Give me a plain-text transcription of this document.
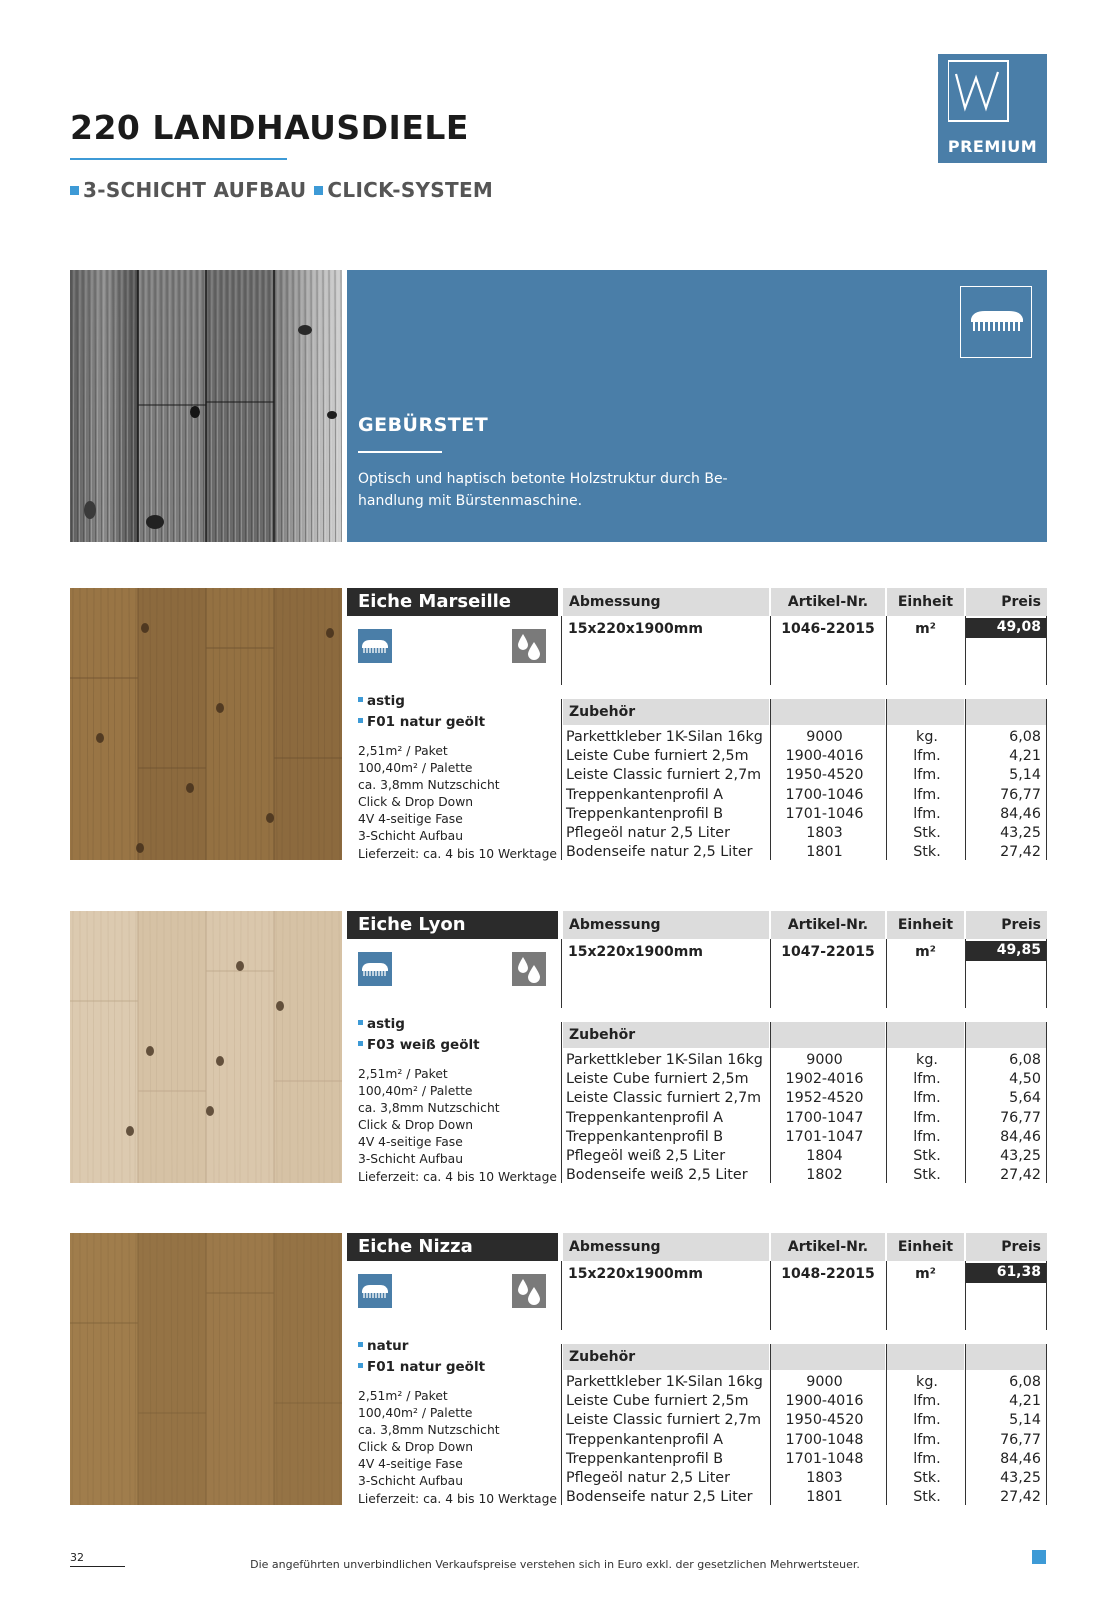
220 LANDHAUSDIELE
3-SCHICHT AUFBAU CLICK-SYSTEM
PREMIUM
GEBÜRSTET
Optisch und haptisch betonte Holzstruktur durch Be-handlung mit Bürstenmaschine.
Eiche Marseille
astig
F01 natur geölt
2,51m² / Paket
100,40m² / Palette
ca. 3,8mm Nutzschicht
Click & Drop Down
4V 4-seitige Fase
3-Schicht Aufbau
Lieferzeit: ca. 4 bis 10 Werktage
Abmessung	Artikel-Nr.	Einheit	Preis
15x220x1900mm	1046-22015	m²	49,08
Zubehör
Parkettkleber 1K-Silan 16kg	9000	kg.	6,08
Leiste Cube furniert 2,5m	1900-4016	lfm.	4,21
Leiste Classic furniert 2,7m	1950-4520	lfm.	5,14
Treppenkantenprofil A	1700-1046	lfm.	76,77
Treppenkantenprofil B	1701-1046	lfm.	84,46
Pflegeöl natur 2,5 Liter	1803	Stk.	43,25
Bodenseife natur 2,5 Liter	1801	Stk.	27,42
Eiche Lyon
astig
F03 weiß geölt
2,51m² / Paket
100,40m² / Palette
ca. 3,8mm Nutzschicht
Click & Drop Down
4V 4-seitige Fase
3-Schicht Aufbau
Lieferzeit: ca. 4 bis 10 Werktage
Abmessung	Artikel-Nr.	Einheit	Preis
15x220x1900mm	1047-22015	m²	49,85
Zubehör
Parkettkleber 1K-Silan 16kg	9000	kg.	6,08
Leiste Cube furniert 2,5m	1902-4016	lfm.	4,50
Leiste Classic furniert 2,7m	1952-4520	lfm.	5,64
Treppenkantenprofil A	1700-1047	lfm.	76,77
Treppenkantenprofil B	1701-1047	lfm.	84,46
Pflegeöl weiß 2,5 Liter	1804	Stk.	43,25
Bodenseife weiß 2,5 Liter	1802	Stk.	27,42
Eiche Nizza
natur
F01 natur geölt
2,51m² / Paket
100,40m² / Palette
ca. 3,8mm Nutzschicht
Click & Drop Down
4V 4-seitige Fase
3-Schicht Aufbau
Lieferzeit: ca. 4 bis 10 Werktage
Abmessung	Artikel-Nr.	Einheit	Preis
15x220x1900mm	1048-22015	m²	61,38
Zubehör
Parkettkleber 1K-Silan 16kg	9000	kg.	6,08
Leiste Cube furniert 2,5m	1900-4016	lfm.	4,21
Leiste Classic furniert 2,7m	1950-4520	lfm.	5,14
Treppenkantenprofil A	1700-1048	lfm.	76,77
Treppenkantenprofil B	1701-1048	lfm.	84,46
Pflegeöl natur 2,5 Liter	1803	Stk.	43,25
Bodenseife natur 2,5 Liter	1801	Stk.	27,42
32
Die angeführten unverbindlichen Verkaufspreise verstehen sich in Euro exkl. der gesetzlichen Mehrwertsteuer.
